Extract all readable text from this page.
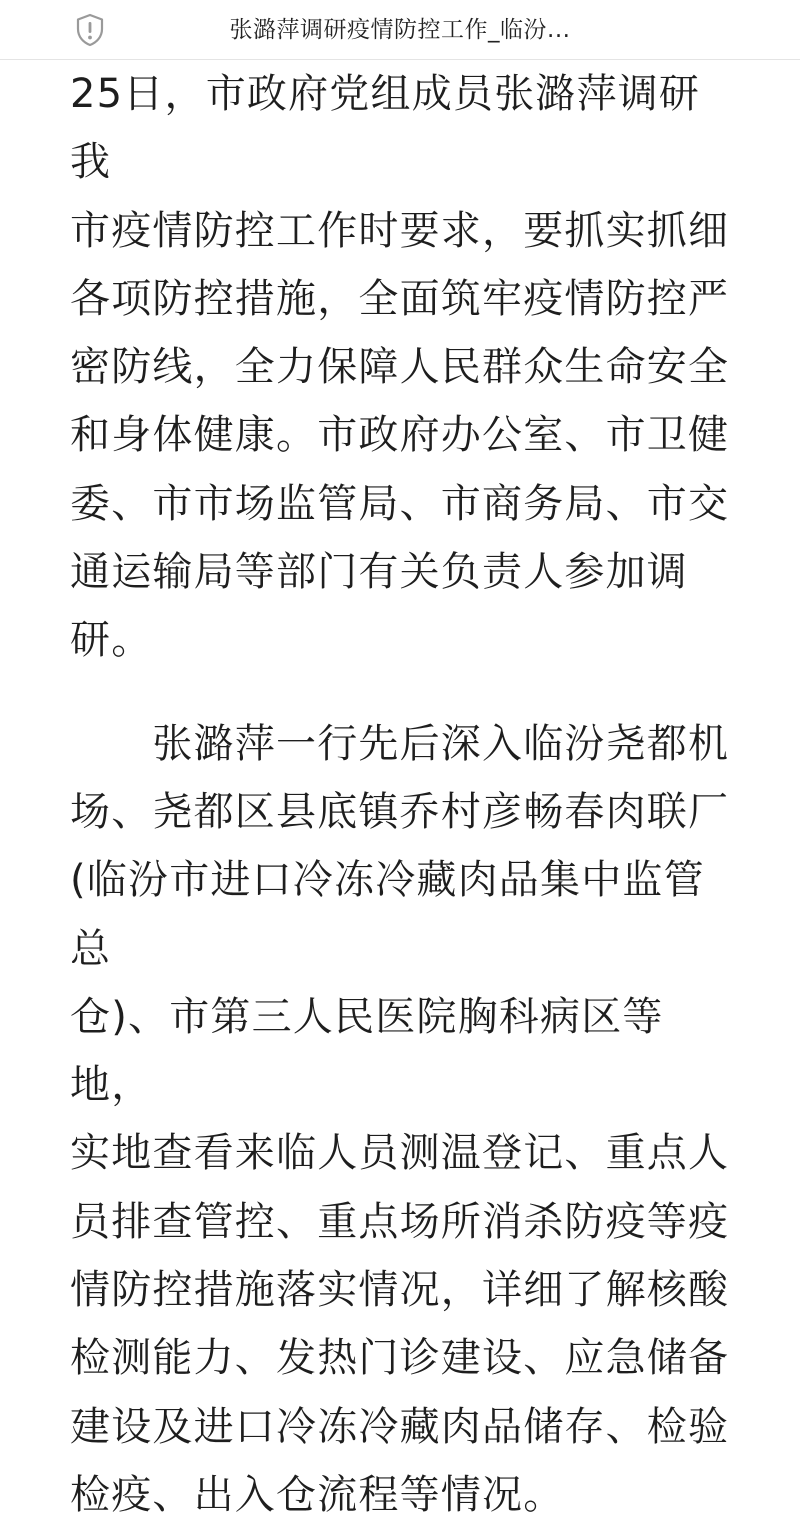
张潞萍调研疫情防控工作_临汾...

25日，市政府党组成员张潞萍调研我
市疫情防控工作时要求，要抓实抓细
各项防控措施，全面筑牢疫情防控严
密防线，全力保障人民群众生命安全
和身体健康。市政府办公室、市卫健
委、市市场监管局、市商务局、市交
通运输局等部门有关负责人参加调
研。

　　张潞萍一行先后深入临汾尧都机
场、尧都区县底镇乔村彦畅春肉联厂
(临汾市进口冷冻冷藏肉品集中监管总
仓)、市第三人民医院胸科病区等地，
实地查看来临人员测温登记、重点人
员排查管控、重点场所消杀防疫等疫
情防控措施落实情况，详细了解核酸
检测能力、发热门诊建设、应急储备
建设及进口冷冻冷藏肉品储存、检验
检疫、出入仓流程等情况。
